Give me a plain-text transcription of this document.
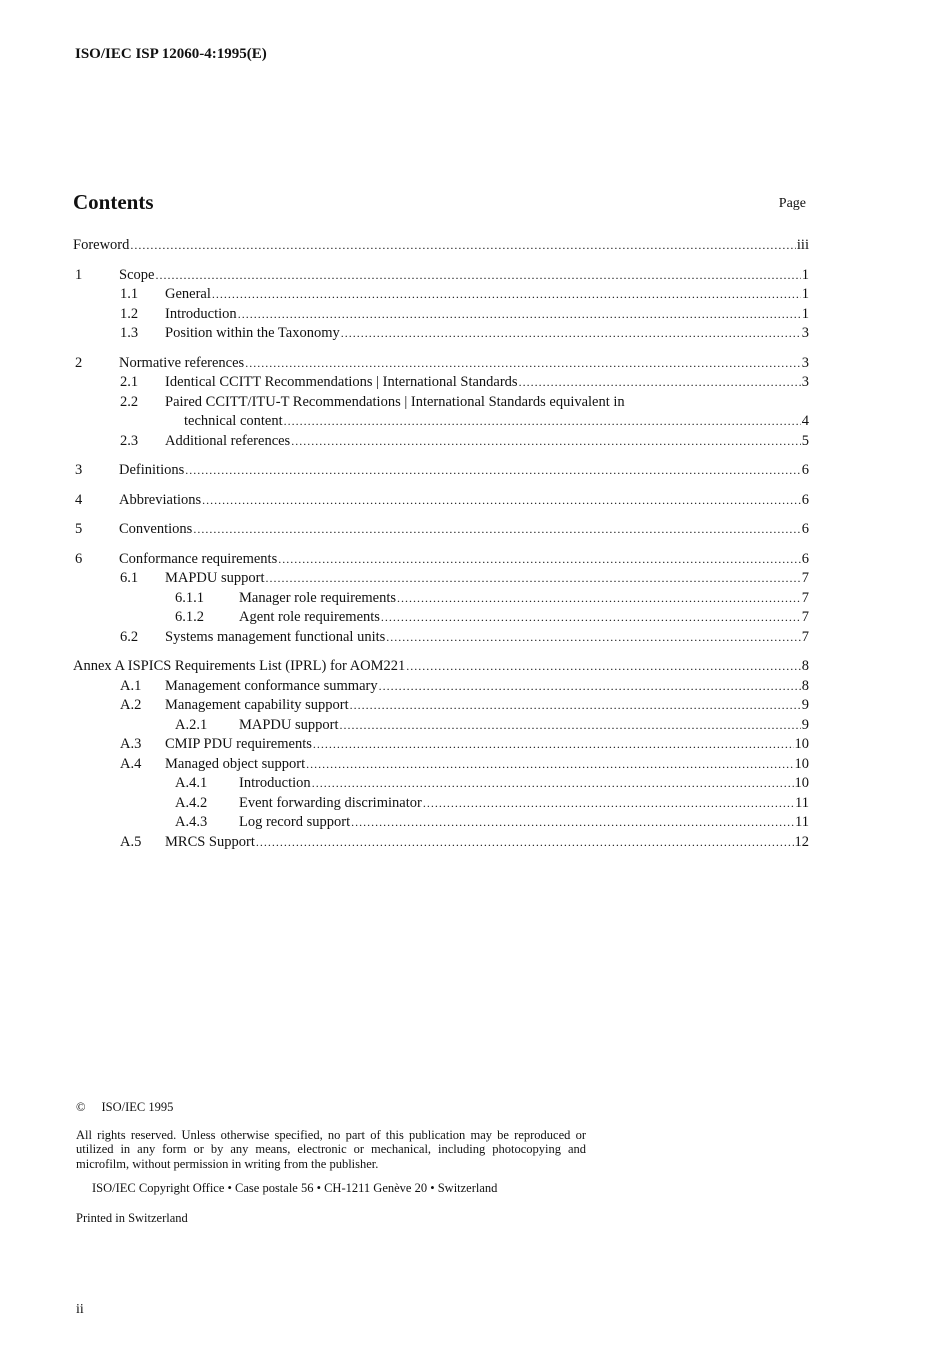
ISO/IEC ISP 12060-4:1995(E)
Contents	Page
Foreword .....	iii
1	Scope .....	1
1.1 General .....	1
1.2 Introduction .....	1
1.3 Position within the Taxonomy .....	3
2	Normative references .....	3
2.1 Identical CCITT Recommendations | International Standards .....	3
2.2 Paired CCITT/ITU-T Recommendations | International Standards equivalent in
technical content .....	4
2.3 Additional references .....	5
3	Definitions .....	6
4	Abbreviations .....	6
5	Conventions .....	6
6	Conformance requirements .....	6
6.1 MAPDU support .....	7
6.1.1 Manager role requirements .....	7
6.1.2 Agent role requirements .....	7
6.2 Systems management functional units .....	7
Annex A ISPICS Requirements List (IPRL) for AOM221 .....	8
A.1 Management conformance summary .....	8
A.2 Management capability support .....	9
A.2.1 MAPDU support .....	9
A.3 CMIP PDU requirements .....	10
A.4 Managed object support .....	10
A.4.1 Introduction .....	10
A.4.2 Event forwarding discriminator .....	11
A.4.3 Log record support .....	11
A.5 MRCS Support .....	12
© ISO/IEC 1995
All rights reserved. Unless otherwise specified, no part of this publication may be reproduced or utilized in any form or by any means, electronic or mechanical, including photocopying and microfilm, without permission in writing from the publisher.
ISO/IEC Copyright Office • Case postale 56 • CH-1211 Genève 20 • Switzerland
Printed in Switzerland
ii
